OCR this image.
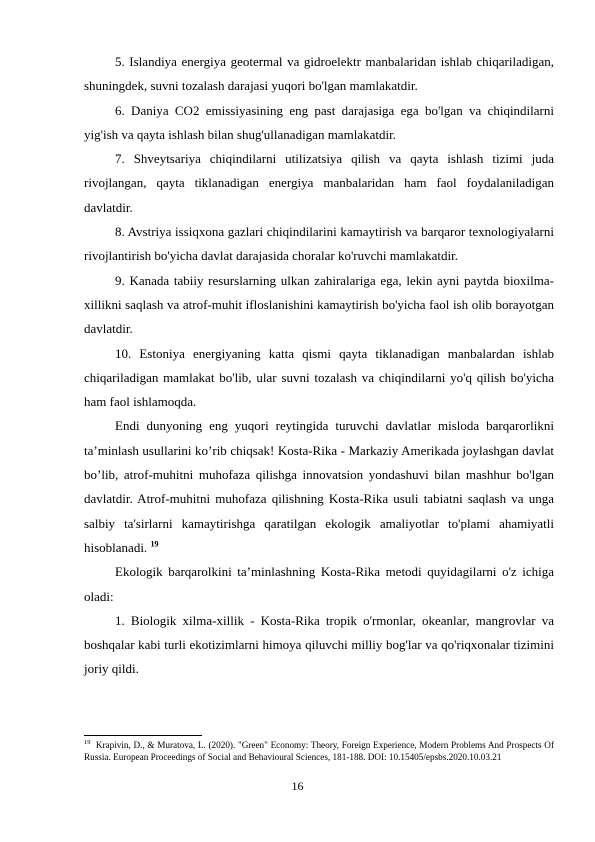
5. Islandiya energiya geotermal va gidroelektr manbalaridan ishlab chiqariladigan, shuningdek, suvni tozalash darajasi yuqori bo'lgan mamlakatdir.

6. Daniya CO2 emissiyasining eng past darajasiga ega bo'lgan va chiqindilarni yig'ish va qayta ishlash bilan shug'ullanadigan mamlakatdir.

7. Shveytsariya chiqindilarni utilizatsiya qilish va qayta ishlash tizimi juda rivojlangan, qayta tiklanadigan energiya manbalaridan ham faol foydalaniladigan davlatdir.

8. Avstriya issiqxona gazlari chiqindilarini kamaytirish va barqaror texnologiyalarni rivojlantirish bo'yicha davlat darajasida choralar ko'ruvchi mamlakatdir.

9. Kanada tabiiy resurslarning ulkan zahiralariga ega, lekin ayni paytda bioxilma-xillikni saqlash va atrof-muhit ifloslanishini kamaytirish bo'yicha faol ish olib borayotgan davlatdir.

10. Estoniya energiyaning katta qismi qayta tiklanadigan manbalardan ishlab chiqariladigan mamlakat bo'lib, ular suvni tozalash va chiqindilarni yo'q qilish bo'yicha ham faol ishlamoqda.

Endi dunyoning eng yuqori reytingida turuvchi davlatlar misloda barqarorlikni ta’minlash usullarini ko’rib chiqsak! Kosta-Rika - Markaziy Amerikada joylashgan davlat bo’lib, atrof-muhitni muhofaza qilishga innovatsion yondashuvi bilan mashhur bo'lgan davlatdir. Atrof-muhitni muhofaza qilishning Kosta-Rika usuli tabiatni saqlash va unga salbiy ta'sirlarni kamaytirishga qaratilgan ekologik amaliyotlar to'plami ahamiyatli hisoblanadi. $^{19}$

Ekologik barqarolkini ta’minlashning Kosta-Rika metodi quyidagilarni o'z ichiga oladi:

1. Biologik xilma-xillik - Kosta-Rika tropik o'rmonlar, okeanlar, mangrovlar va boshqalar kabi turli ekotizimlarni himoya qiluvchi milliy bog'lar va qo'riqxonalar tizimini joriy qildi.

$^{19}$ Krapivin, D., & Muratova, L. (2020). "Green" Economy: Theory, Foreign Experience, Modern Problems And Prospects Of Russia. European Proceedings of Social and Behavioural Sciences, 181-188. DOI: 10.15405/epsbs.2020.10.03.21

16
